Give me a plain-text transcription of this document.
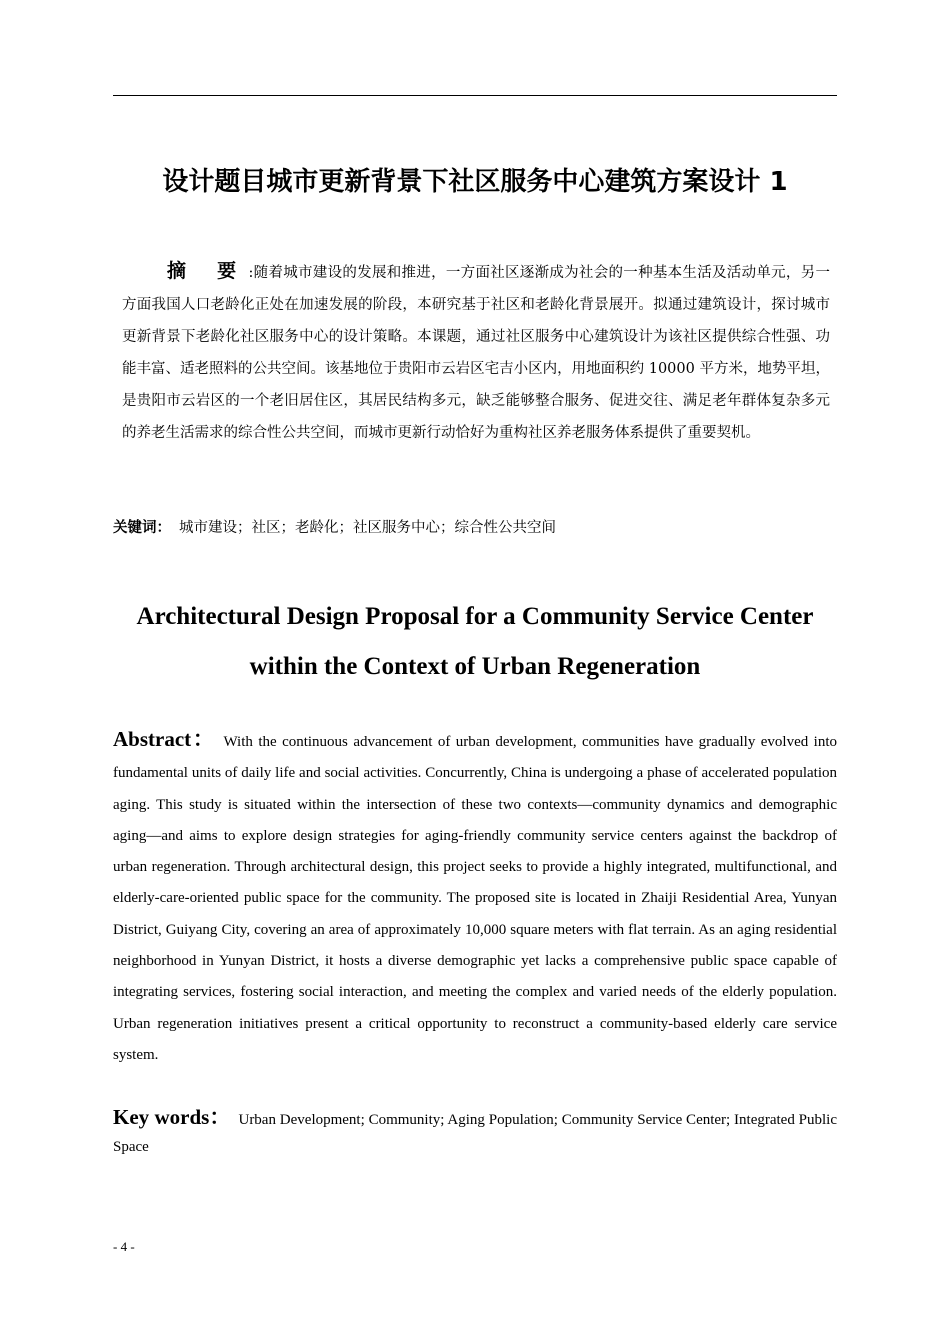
设计题目城市更新背景下社区服务中心建筑方案设计 1
摘 要:随着城市建设的发展和推进，一方面社区逐渐成为社会的一种基本生活及活动单元，另一方面我国人口老龄化正处在加速发展的阶段，本研究基于社区和老龄化背景展开。拟通过建筑设计，探讨城市更新背景下老龄化社区服务中心的设计策略。本课题，通过社区服务中心建筑设计为该社区提供综合性强、功能丰富、适老照料的公共空间。该基地位于贵阳市云岩区宅吉小区内，用地面积约 10000 平方米，地势平坦，是贵阳市云岩区的一个老旧居住区，其居民结构多元，缺乏能够整合服务、促进交往、满足老年群体复杂多元的养老生活需求的综合性公共空间，而城市更新行动恰好为重构社区养老服务体系提供了重要契机。
关键词： 城市建设；社区；老龄化；社区服务中心；综合性公共空间
Architectural Design Proposal for a Community Service Center
within the Context of Urban Regeneration
Abstract： With the continuous advancement of urban development, communities have gradually evolved into fundamental units of daily life and social activities. Concurrently, China is undergoing a phase of accelerated population aging. This study is situated within the intersection of these two contexts—community dynamics and demographic aging—and aims to explore design strategies for aging-friendly community service centers against the backdrop of urban regeneration. Through architectural design, this project seeks to provide a highly integrated, multifunctional, and elderly-care-oriented public space for the community. The proposed site is located in Zhaiji Residential Area, Yunyan District, Guiyang City, covering an area of approximately 10,000 square meters with flat terrain. As an aging residential neighborhood in Yunyan District, it hosts a diverse demographic yet lacks a comprehensive public space capable of integrating services, fostering social interaction, and meeting the complex and varied needs of the elderly population. Urban regeneration initiatives present a critical opportunity to reconstruct a community-based elderly care service system.
Key words： Urban Development; Community; Aging Population; Community Service Center; Integrated Public Space
- 4 -
